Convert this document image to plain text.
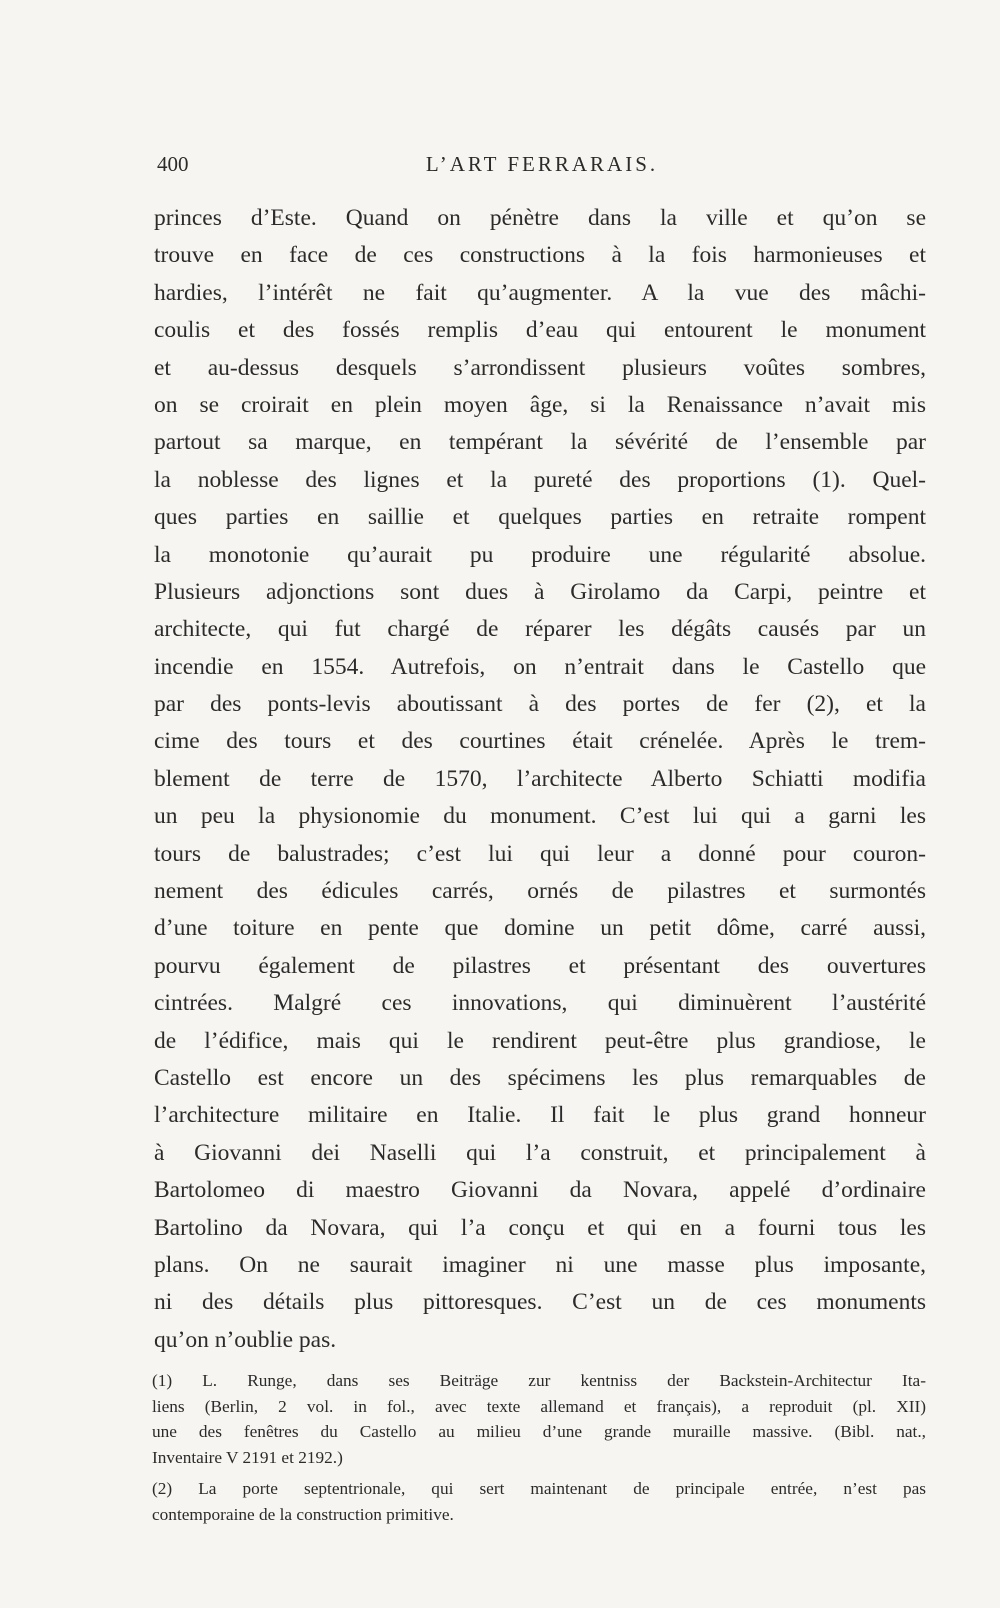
400	L’ART FERRARAIS.
princes d’Este. Quand on pénètre dans la ville et qu’on se
trouve en face de ces constructions à la fois harmonieuses et
hardies, l’intérêt ne fait qu’augmenter. A la vue des mâchi-
coulis et des fossés remplis d’eau qui entourent le monument
et au-dessus desquels s’arrondissent plusieurs voûtes sombres,
on se croirait en plein moyen âge, si la Renaissance n’avait mis
partout sa marque, en tempérant la sévérité de l’ensemble par
la noblesse des lignes et la pureté des proportions (1). Quel-
ques parties en saillie et quelques parties en retraite rompent
la monotonie qu’aurait pu produire une régularité absolue.
Plusieurs adjonctions sont dues à Girolamo da Carpi, peintre et
architecte, qui fut chargé de réparer les dégâts causés par un
incendie en 1554. Autrefois, on n’entrait dans le Castello que
par des ponts-levis aboutissant à des portes de fer (2), et la
cime des tours et des courtines était crénelée. Après le trem-
blement de terre de 1570, l’architecte Alberto Schiatti modifia
un peu la physionomie du monument. C’est lui qui a garni les
tours de balustrades; c’est lui qui leur a donné pour couron-
nement des édicules carrés, ornés de pilastres et surmontés
d’une toiture en pente que domine un petit dôme, carré aussi,
pourvu également de pilastres et présentant des ouvertures
cintrées. Malgré ces innovations, qui diminuèrent l’austérité
de l’édifice, mais qui le rendirent peut-être plus grandiose, le
Castello est encore un des spécimens les plus remarquables de
l’architecture militaire en Italie. Il fait le plus grand honneur
à Giovanni dei Naselli qui l’a construit, et principalement à
Bartolomeo di maestro Giovanni da Novara, appelé d’ordinaire
Bartolino da Novara, qui l’a conçu et qui en a fourni tous les
plans. On ne saurait imaginer ni une masse plus imposante,
ni des détails plus pittoresques. C’est un de ces monuments
qu’on n’oublie pas.
(1) L. Runge, dans ses Beiträge zur kentniss der Backstein-Architectur Ita-
liens (Berlin, 2 vol. in fol., avec texte allemand et français), a reproduit (pl. XII)
une des fenêtres du Castello au milieu d’une grande muraille massive. (Bibl. nat.,
Inventaire V 2191 et 2192.)
(2) La porte septentrionale, qui sert maintenant de principale entrée, n’est pas
contemporaine de la construction primitive.
